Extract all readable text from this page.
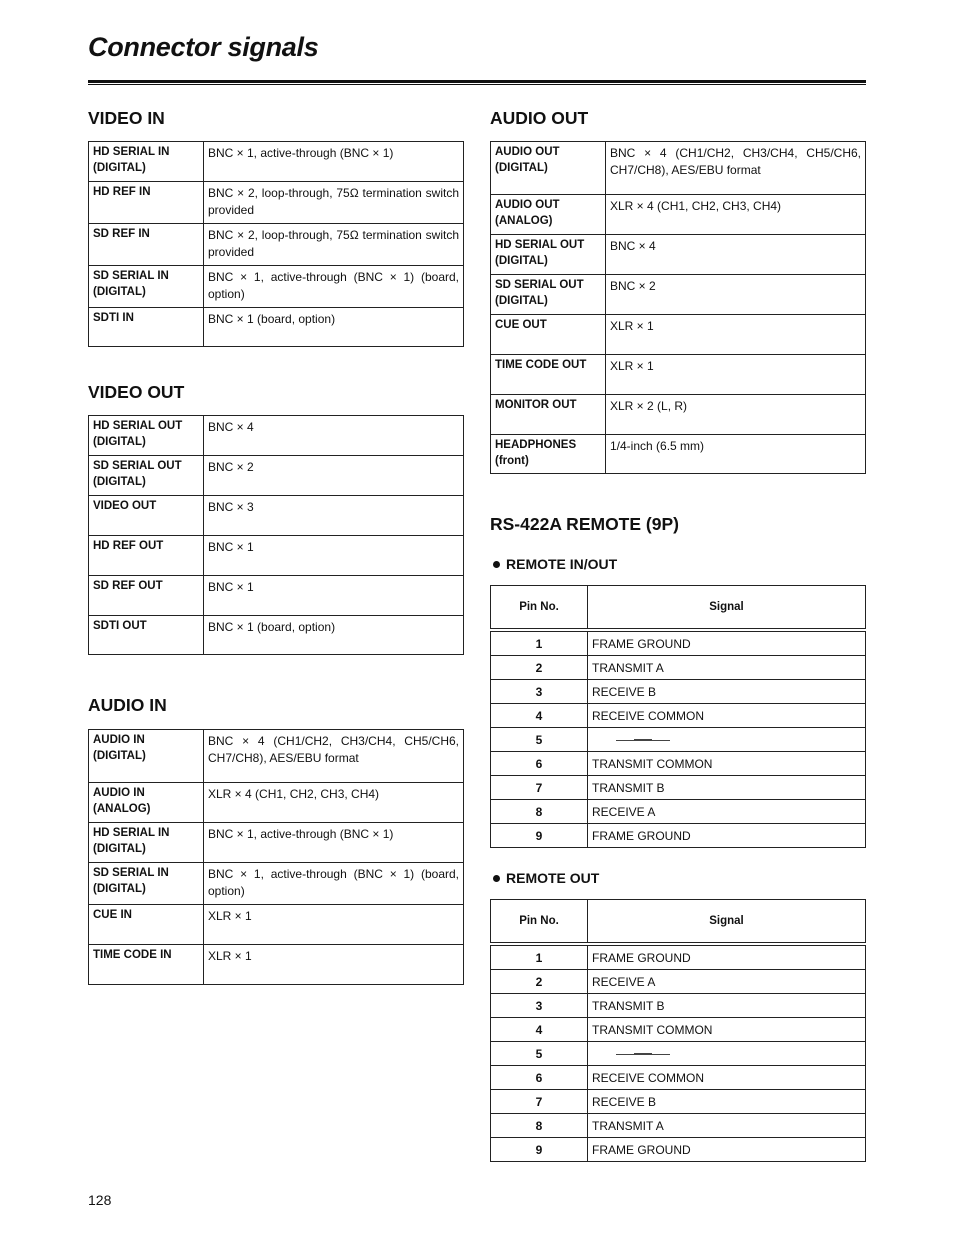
Connector signals
VIDEO IN
HD SERIAL IN (DIGITAL)	BNC × 1, active-through (BNC × 1)
HD REF IN	BNC × 2, loop-through, 75Ω termination switch provided
SD REF IN	BNC × 2, loop-through, 75Ω termination switch provided
SD SERIAL IN (DIGITAL)	BNC × 1, active-through (BNC × 1) (board, option)
SDTI IN	BNC × 1 (board, option)
VIDEO OUT
HD SERIAL OUT (DIGITAL)	BNC × 4
SD SERIAL OUT (DIGITAL)	BNC × 2
VIDEO OUT	BNC × 3
HD REF OUT	BNC × 1
SD REF OUT	BNC × 1
SDTI OUT	BNC × 1 (board, option)
AUDIO IN
AUDIO IN (DIGITAL)	BNC × 4 (CH1/CH2, CH3/CH4, CH5/CH6, CH7/CH8), AES/EBU format
AUDIO IN (ANALOG)	XLR × 4 (CH1, CH2, CH3, CH4)
HD SERIAL IN (DIGITAL)	BNC × 1, active-through (BNC × 1)
SD SERIAL IN (DIGITAL)	BNC × 1, active-through (BNC × 1) (board, option)
CUE IN	XLR × 1
TIME CODE IN	XLR × 1
AUDIO OUT
AUDIO OUT (DIGITAL)	BNC × 4 (CH1/CH2, CH3/CH4, CH5/CH6, CH7/CH8), AES/EBU format
AUDIO OUT (ANALOG)	XLR × 4 (CH1, CH2, CH3, CH4)
HD SERIAL OUT (DIGITAL)	BNC × 4
SD SERIAL OUT (DIGITAL)	BNC × 2
CUE OUT	XLR × 1
TIME CODE OUT	XLR × 1
MONITOR OUT	XLR × 2 (L, R)
HEADPHONES (front)	1/4-inch (6.5 mm)
RS-422A REMOTE (9P)
REMOTE IN/OUT
Pin No.	Signal
1	FRAME GROUND
2	TRANSMIT A
3	RECEIVE B
4	RECEIVE COMMON
5	
6	TRANSMIT COMMON
7	TRANSMIT B
8	RECEIVE A
9	FRAME GROUND
REMOTE OUT
Pin No.	Signal
1	FRAME GROUND
2	RECEIVE A
3	TRANSMIT B
4	TRANSMIT COMMON
5	
6	RECEIVE COMMON
7	RECEIVE B
8	TRANSMIT A
9	FRAME GROUND
128
